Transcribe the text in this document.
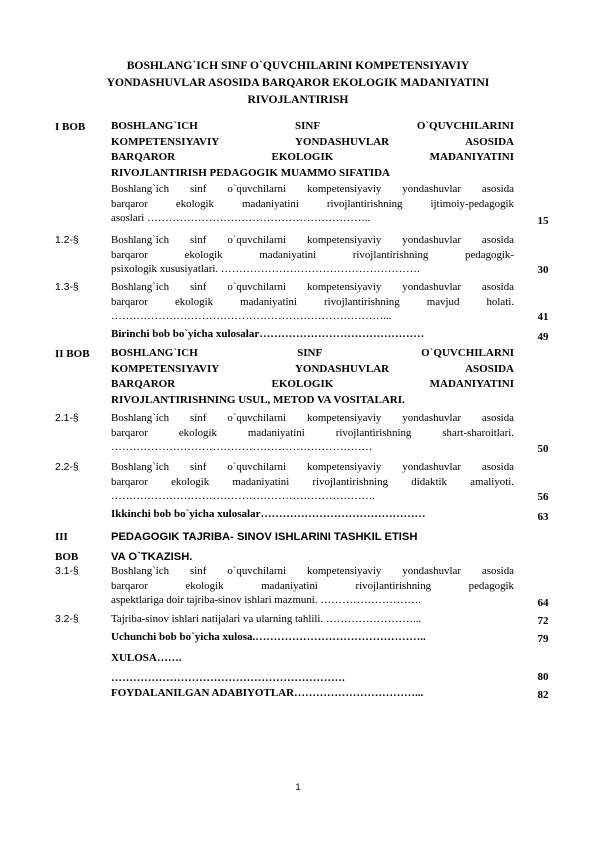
BOSHLANG`ICH SINF O`QUVCHILARINI KOMPETENSIYAVIY
YONDASHUVLAR ASOSIDA BARQAROR EKOLOGIK MADANIYATINI
RIVOJLANTIRISH
I BOB BOSHLANG`ICH SINF O`QUVCHILARINI
KOMPETENSIYAVIY YONDASHUVLAR ASOSIDA
BARQAROR EKOLOGIK MADANIYATINI
RIVOJLANTIRISH PEDAGOGIK MUAMMO SIFATIDA
Boshlang`ich sinf o`quvchilarni kompetensiyaviy yondashuvlar asosida
barqaror ekologik madaniyatini rivojlantirishning ijtimoiy-pedagogik
asoslari ……………………………………………………..	15
1.2-§	Boshlang`ich sinf o`quvchilarni kompetensiyaviy yondashuvlar asosida
barqaror ekologik madaniyatini rivojlantirishning pedagogik-
psixologik xususiyatlari. ……………………………………………….	30
1.3-§	Boshlang`ich sinf o`quvchilarni kompetensiyaviy yondashuvlar asosida
barqaror ekologik madaniyatini rivojlantirishning mavjud holati.
…………………………………………………………………...	41
Birinchi bob bo`yicha xulosalar………………………………………	49
II BOB BOSHLANG`ICH SINF O`QUVCHILARNI
KOMPETENSIYAVIY YONDASHUVLAR ASOSIDA
BARQAROR EKOLOGIK MADANIYATINI
RIVOJLANTIRISHNING USUL, METOD VA VOSITALARI.
2.1-§	Boshlang`ich sinf o`quvchilarni kompetensiyaviy yondashuvlar asosida
barqaror ekologik madaniyatini rivojlantirishning shart-sharoitlari.
………………………………………………………………	50
2.2-§	Boshlang`ich sinf o`quvchilarni kompetensiyaviy yondashuvlar asosida
barqaror ekologik madaniyatini rivojlantirishning didaktik amaliyoti.
……………………………………………………………….	56
Ikkinchi bob bo`yicha xulosalar………………………………………	63
III
BOB
PEDAGOGIK TAJRIBA- SINOV ISHLARINI TASHKIL ETISH
VA O`TKAZISH.
3.1-§	Boshlang`ich sinf o`quvchilarni kompetensiyaviy yondashuvlar asosida
barqaror ekologik madaniyatini rivojlantirishning pedagogik
aspektlariga doir tajriba-sinov ishlari mazmuni. ……………………….	64
3.2-§	Tajriba-sinov ishlari natijalari va ularning tahlili. ……………………...	72
Uchunchi bob bo`yicha xulosa.………………………………………..	79
XULOSA…….
……………………………………………………….	80
FOYDALANILGAN ADABIYOTLAR……………………………...	82
1
